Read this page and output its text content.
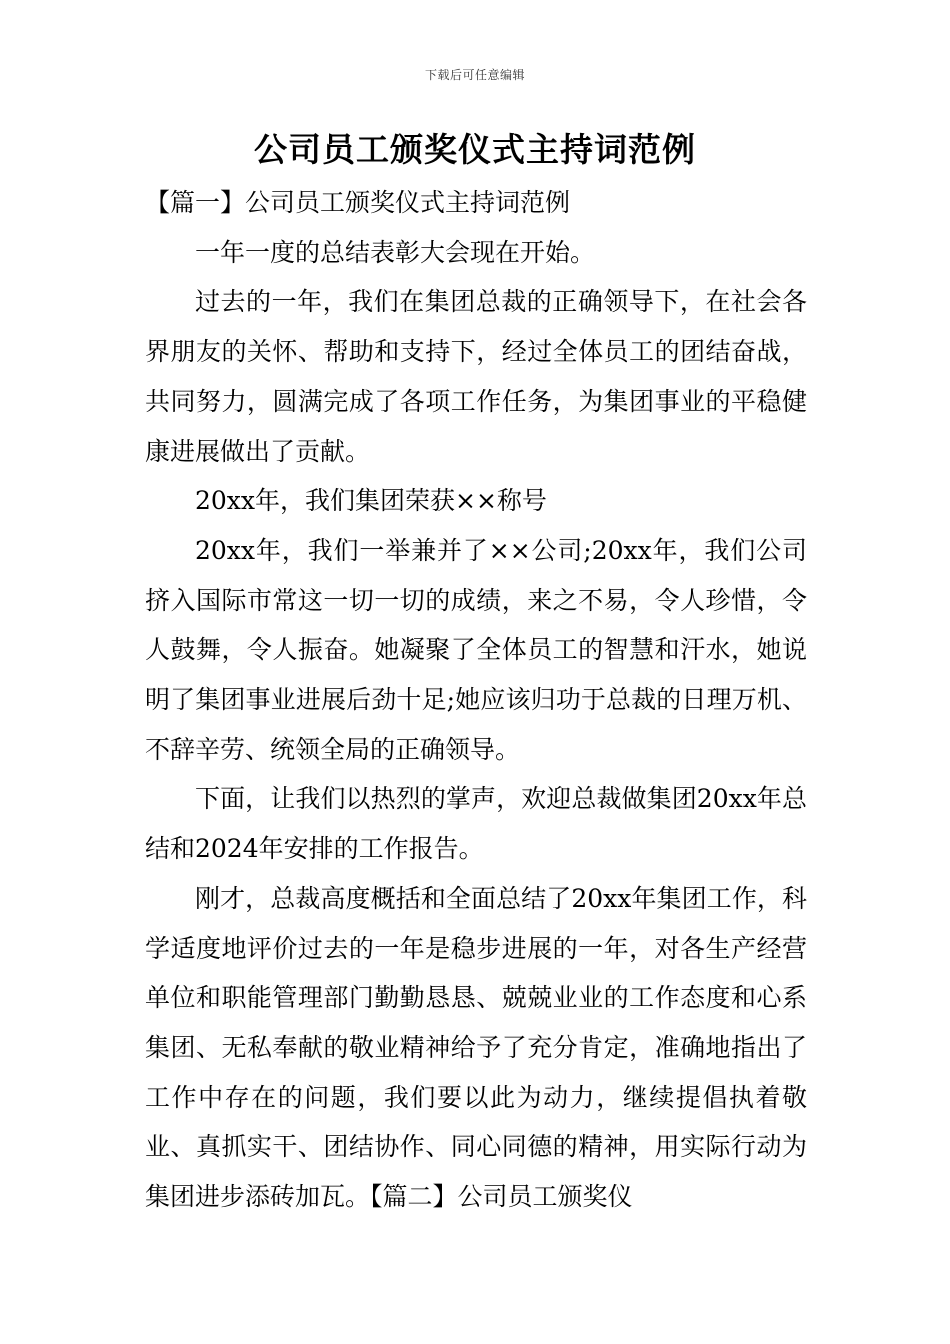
下载后可任意编辑
公司员工颁奖仪式主持词范例

【篇一】公司员工颁奖仪式主持词范例

一年一度的总结表彰大会现在开始。

过去的一年，我们在集团总裁的正确领导下，在社会各界朋友的关怀、帮助和支持下，经过全体员工的团结奋战，共同努力，圆满完成了各项工作任务，为集团事业的平稳健康进展做出了贡献。

20xx年，我们集团荣获××称号

20xx年，我们一举兼并了××公司;20xx年，我们公司挤入国际市常这一切一切的成绩，来之不易，令人珍惜，令人鼓舞，令人振奋。她凝聚了全体员工的智慧和汗水，她说明了集团事业进展后劲十足;她应该归功于总裁的日理万机、不辞辛劳、统领全局的正确领导。

下面，让我们以热烈的掌声，欢迎总裁做集团20xx年总结和2024年安排的工作报告。

刚才，总裁高度概括和全面总结了20xx年集团工作，科学适度地评价过去的一年是稳步进展的一年，对各生产经营单位和职能管理部门勤勤恳恳、兢兢业业的工作态度和心系集团、无私奉献的敬业精神给予了充分肯定，准确地指出了工作中存在的问题，我们要以此为动力，继续提倡执着敬业、真抓实干、团结协作、同心同德的精神，用实际行动为集团进步添砖加瓦。【篇二】公司员工颁奖仪
